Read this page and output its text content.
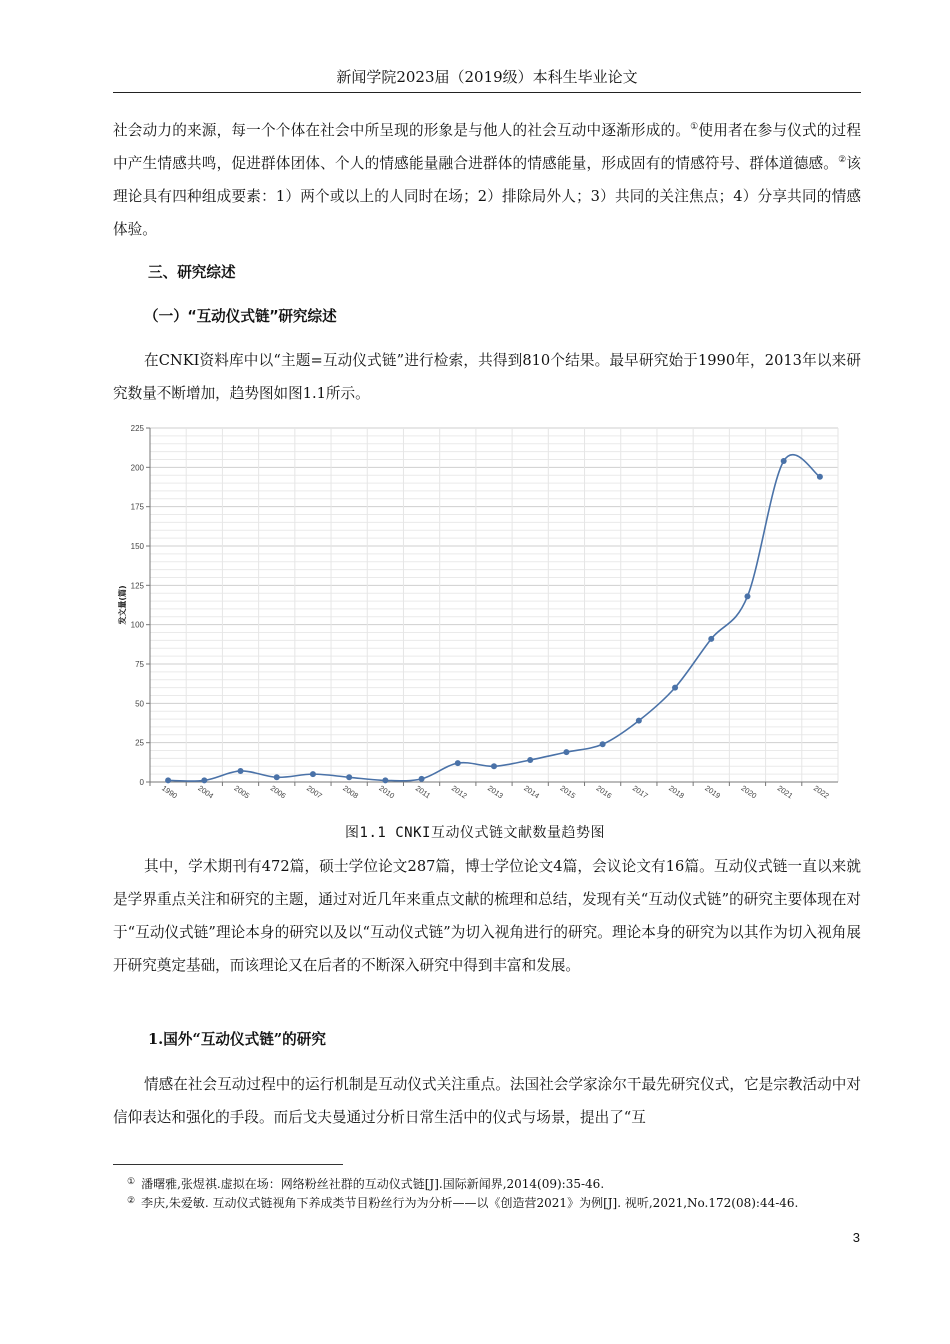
新闻学院2023届（2019级）本科生毕业论文

社会动力的来源，每一个个体在社会中所呈现的形象是与他人的社会互动中逐渐形成的。①使用者在参与仪式的过程中产生情感共鸣，促进群体团体、个人的情感能量融合进群体的情感能量，形成固有的情感符号、群体道德感。②该理论具有四种组成要素：1）两个或以上的人同时在场；2）排除局外人；3）共同的关注焦点；4）分享共同的情感体验。

三、研究综述
（一）“互动仪式链”研究综述

在CNKI资料库中以“主题=互动仪式链”进行检索，共得到810个结果。最早研究始于1990年，2013年以来研究数量不断增加，趋势图如图1.1所示。

0
25
50
75
100
125
150
175
200
225
发文量(篇)
1990 2004 2005 2006 2007 2008 2010 2011 2012 2013 2014 2015 2016 2017 2018 2019 2020 2021 2022
图1.1 CNKI互动仪式链文献数量趋势图

其中，学术期刊有472篇，硕士学位论文287篇，博士学位论文4篇，会议论文有16篇。互动仪式链一直以来就是学界重点关注和研究的主题，通过对近几年来重点文献的梳理和总结，发现有关“互动仪式链”的研究主要体现在对于“互动仪式链”理论本身的研究以及以“互动仪式链”为切入视角进行的研究。理论本身的研究为以其作为切入视角展开研究奠定基础，而该理论又在后者的不断深入研究中得到丰富和发展。

1.国外“互动仪式链”的研究

情感在社会互动过程中的运行机制是互动仪式关注重点。法国社会学家涂尔干最先研究仪式，它是宗教活动中对信仰表达和强化的手段。而后戈夫曼通过分析日常生活中的仪式与场景，提出了“互

① 潘曙雅,张煜祺.虚拟在场：网络粉丝社群的互动仪式链[J].国际新闻界,2014(09):35-46.
② 李庆,朱爱敏. 互动仪式链视角下养成类节目粉丝行为为分析——以《创造营2021》为例[J]. 视听,2021,No.172(08):44-46.
3
